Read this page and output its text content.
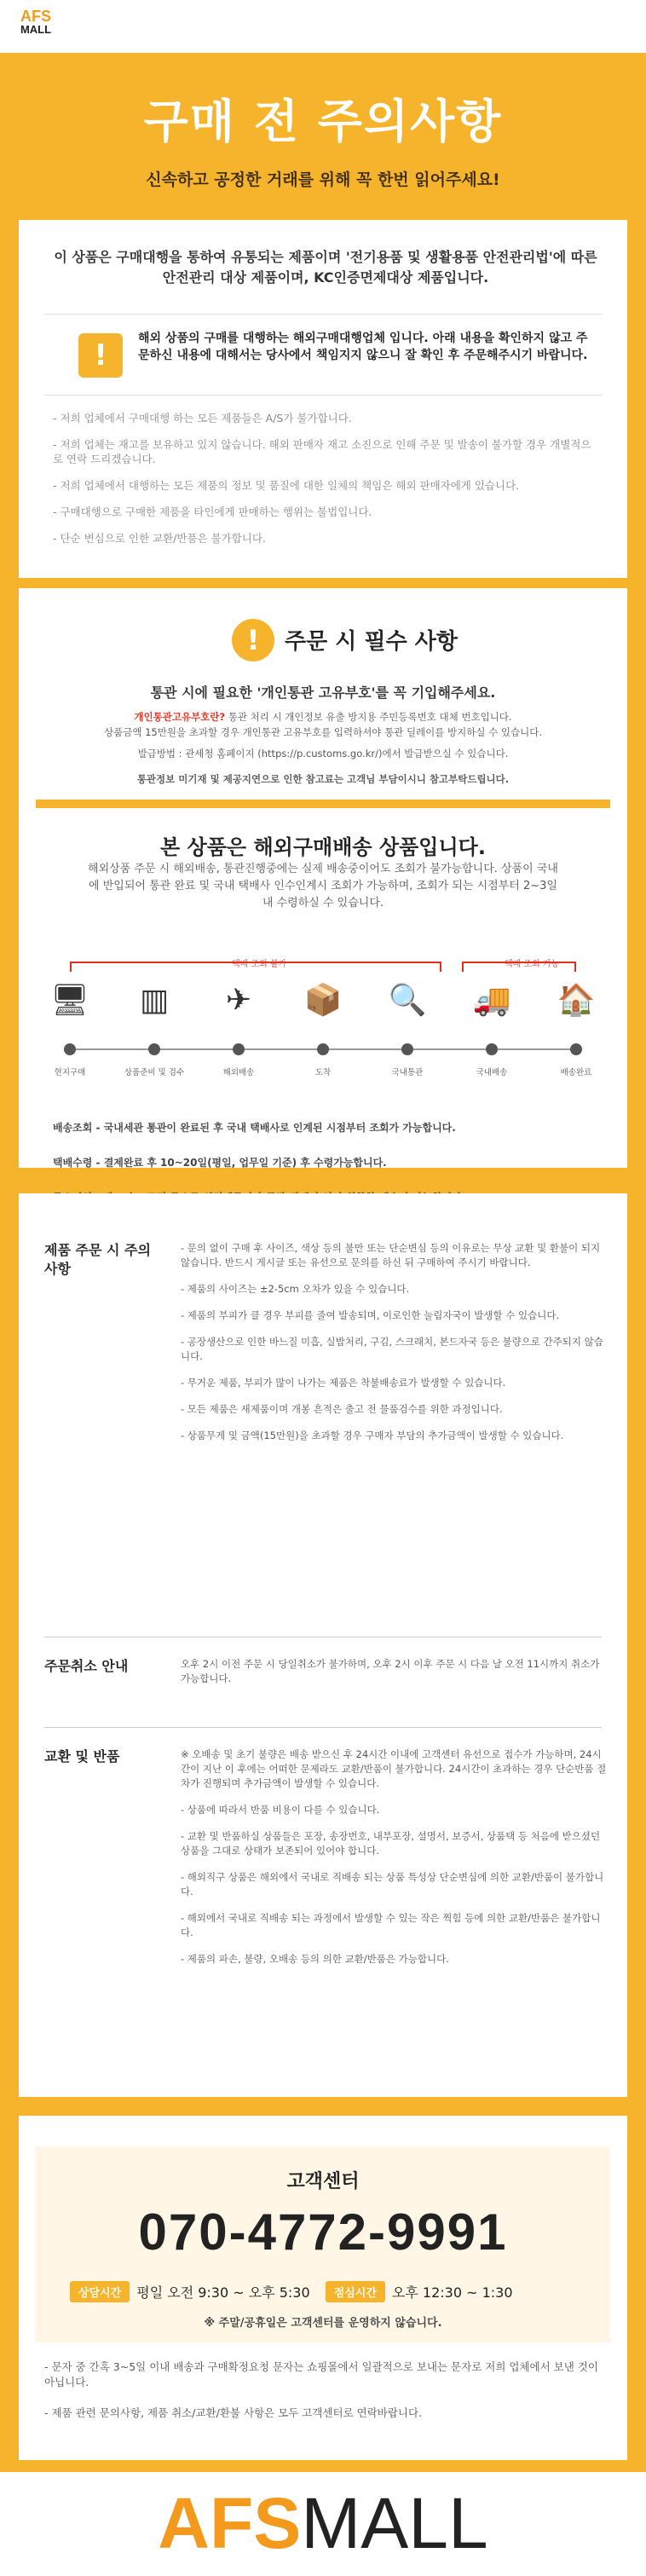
AFS
MALL
구매 전 주의사항
신속하고 공정한 거래를 위해 꼭 한번 읽어주세요!

이 상품은 구매대행을 통하여 유통되는 제품이며 '전기용품 및 생활용품 안전관리법'에 따른 안전관리 대상 제품이며, KC인증면제대상 제품입니다.

!	해외 상품의 구매를 대행하는 해외구매대행업체 입니다. 아래 내용을 확인하지 않고 주문하신 내용에 대해서는 당사에서 책임지지 않으니 잘 확인 후 주문해주시기 바랍니다.

- 저희 업체에서 구매대행 하는 모든 제품들은 A/S가 불가합니다.
- 저희 업체는 재고를 보유하고 있지 않습니다. 해외 판매자 재고 소진으로 인해 주문 및 발송이 불가할 경우 개별적으로 연락 드리겠습니다.
- 저희 업체에서 대행하는 모든 제품의 정보 및 품질에 대한 일체의 책임은 해외 판매자에게 있습니다.
- 구매대행으로 구매한 제품을 타인에게 판매하는 행위는 불법입니다.
- 단순 변심으로 인한 교환/반품은 불가합니다.
!	주문 시 필수 사항

통관 시에 필요한 '개인통관 고유부호'를 꼭 기입해주세요.

개인통관고유부호란? 통관 처리 시 개인정보 유출 방지용 주민등록번호 대체 번호입니다.
상품금액 15만원을 초과할 경우 개인통관 고유부호를 입력하셔야 통관 딜레이를 방지하실 수 있습니다.

발급방법 : 관세청 홈페이지 (https://p.customs.go.kr/)에서 발급받으실 수 있습니다.

통관정보 미기재 및 제공지연으로 인한 참고료는 고객님 부담이시니 참고부탁드립니다.

본 상품은 해외구매배송 상품입니다.

해외상품 주문 시 해외배송, 통관진행중에는 실제 배송중이어도 조회가 불가능합니다. 상품이 국내에 반입되어 통관 완료 및 국내 택배사 인수인계시 조회가 가능하며, 조회가 되는 시점부터 2~3일 내 수령하실 수 있습니다.

택배 조회 불가	택배 조회 가능
🖥	▥	✈	📦 🔍 🚚 🏠
현지구매	상품준비 및 검수	해외배송	도착	국내통관	국내배송	배송완료

배송조회 - 국내세관 통관이 완료된 후 국내 택배사로 인계된 시점부터 조회가 가능합니다.

택배수령 - 결제완료 후 10~20일(평일, 업무일 기준) 후 수령가능합니다.

제품 주문 시 주의사항

- 문의 없이 구매 후 사이즈, 색상 등의 불만 또는 단순변심 등의 이유로는 무상 교환 및 환불이 되지 않습니다. 반드시 게시글 또는 유선으로 문의를 하신 뒤 구매하여 주시기 바랍니다.

- 제품의 사이즈는 ±2-5cm 오차가 있을 수 있습니다.

- 제품의 부피가 클 경우 부피를 줄여 발송되며, 이로인한 눌림자국이 발생할 수 있습니다.

- 공장생산으로 인한 바느질 미흡, 실밥처리, 구김, 스크래치, 본드자국 등은 불량으로 간주되지 않습니다.

- 무거운 제품, 부피가 많이 나가는 제품은 착불배송료가 발생할 수 있습니다.

- 모든 제품은 새제품이며 개봉 흔적은 출고 전 물품검수를 위한 과정입니다.

- 상품무게 및 금액(15만원)을 초과할 경우 구매자 부담의 추가금액이 발생할 수 있습니다.

주문취소 안내	오후 2시 이전 주문 시 당일취소가 불가하며, 오후 2시 이후 주문 시 다음 날 오전 11시까지 취소가 가능합니다.

교환 및 반품	※ 오배송 및 초기 불량은 배송 받으신 후 24시간 이내에 고객센터 유선으로 접수가 가능하며, 24시간이 지난 이 후에는 어떠한 문제라도 교환/반품이 불가합니다. 24시간이 초과하는 경우 단순반품 절차가 진행되며 추가금액이 발생할 수 있습니다.

- 상품에 따라서 반품 비용이 다를 수 있습니다.

- 교환 및 반품하실 상품들은 포장, 송장번호, 내부포장, 설명서, 보증서, 상품택 등 처음에 받으셨던 상품을 그대로 상태가 보존되어 있어야 합니다.

- 해외직구 상품은 해외에서 국내로 직배송 되는 상품 특성상 단순변심에 의한 교환/반품이 불가합니다.

- 해외에서 국내로 직배송 되는 과정에서 발생할 수 있는 작은 찍힘 등에 의한 교환/반품은 불가합니다.

- 제품의 파손, 불량, 오배송 등의 의한 교환/반품은 가능합니다.

고객센터
070-4772-9991
상담시간 평일 오전 9:30 ~ 오후 5:30 점심시간 오후 12:30 ~ 1:30
※ 주말/공휴일은 고객센터를 운영하지 않습니다.
- 문자 중 간혹 3~5일 이내 배송과 구매확정요청 문자는 쇼핑몰에서 일괄적으로 보내는 문자로 저희 업체에서 보낸 것이 아닙니다.
- 제품 관련 문의사항, 제품 취소/교환/환불 사항은 모두 고객센터로 연락바랍니다.
AFSMALL
